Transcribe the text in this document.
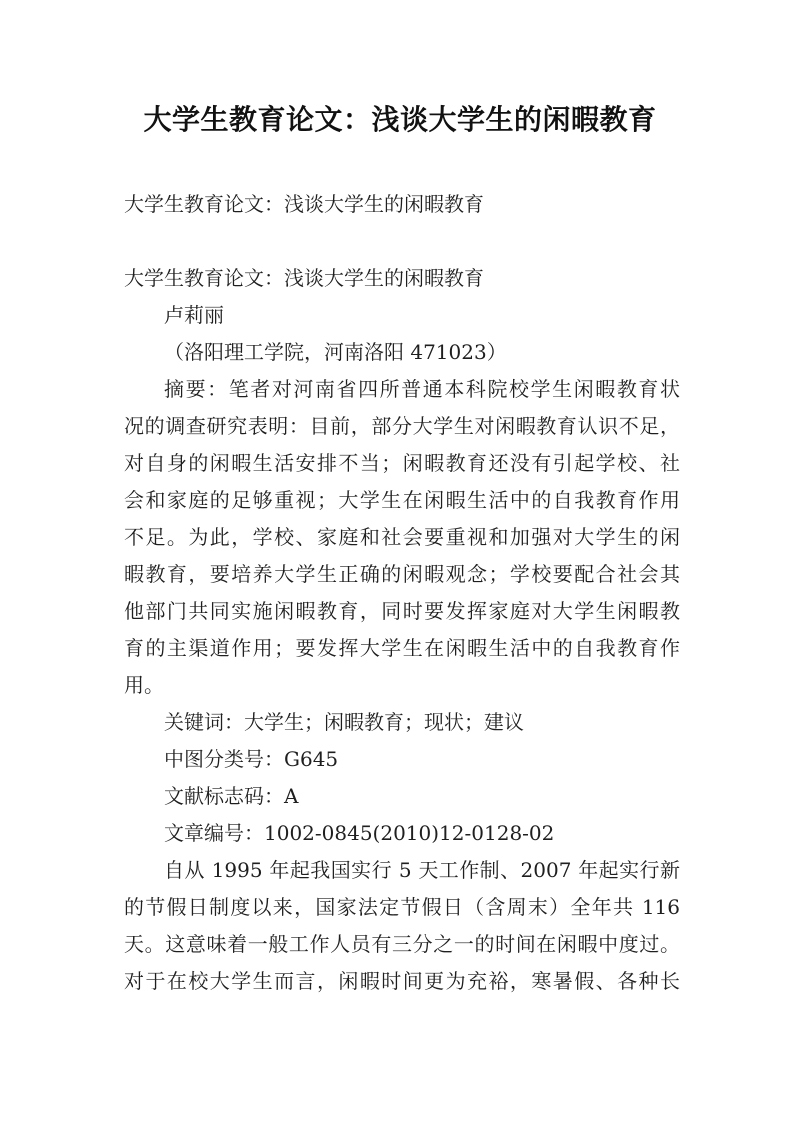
大学生教育论文：浅谈大学生的闲暇教育
大学生教育论文：浅谈大学生的闲暇教育
大学生教育论文：浅谈大学生的闲暇教育
卢莉丽
（洛阳理工学院，河南洛阳 471023）
摘要：笔者对河南省四所普通本科院校学生闲暇教育状
况的调查研究表明：目前，部分大学生对闲暇教育认识不足，
对自身的闲暇生活安排不当；闲暇教育还没有引起学校、社
会和家庭的足够重视；大学生在闲暇生活中的自我教育作用
不足。为此，学校、家庭和社会要重视和加强对大学生的闲
暇教育，要培养大学生正确的闲暇观念；学校要配合社会其
他部门共同实施闲暇教育，同时要发挥家庭对大学生闲暇教
育的主渠道作用；要发挥大学生在闲暇生活中的自我教育作
用。
关键词：大学生；闲暇教育；现状；建议
中图分类号：G645
文献标志码：A
文章编号：1002-0845(2010)12-0128-02
自从 1995 年起我国实行 5 天工作制、2007 年起实行新
的节假日制度以来，国家法定节假日（含周末）全年共 116
天。这意味着一般工作人员有三分之一的时间在闲暇中度过。
对于在校大学生而言，闲暇时间更为充裕，寒暑假、各种长
